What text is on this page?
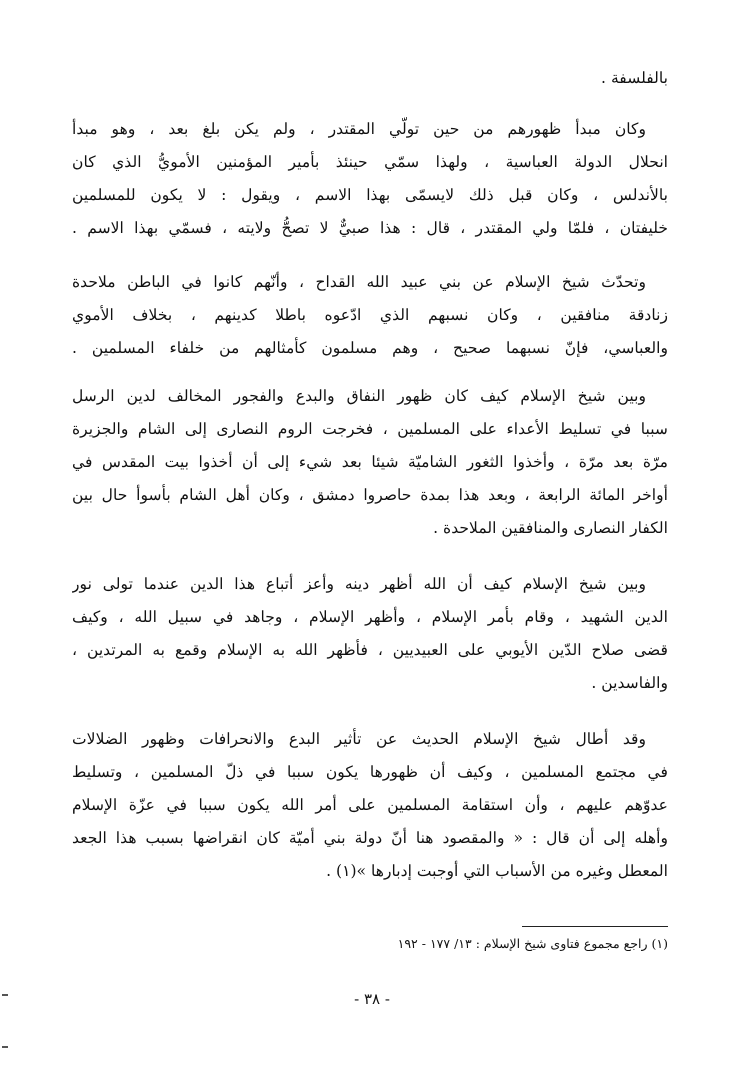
بالفلسفة .
وكان مبدأ ظهورهم من حين تولّي المقتدر ، ولم يكن بلغ بعد ، وهو مبدأ
انحلال الدولة العباسية ، ولهذا سمّي حينئذ بأمير المؤمنين الأمويُّ الذي كان
بالأندلس ، وكان قبل ذلك لايسمّى بهذا الاسم ، ويقول : لا يكون للمسلمين
خليفتان ، فلمّا ولي المقتدر ، قال : هذا صبيٌّ لا تصحُّ ولايته ، فسمّي بهذا الاسم .
وتحدّث شيخ الإسلام عن بني عبيد الله القداح ، وأنّهم كانوا في الباطن ملاحدة
زنادقة منافقين ، وكان نسبهم الذي ادّعوه باطلا كدينهم ، بخلاف الأموي
والعباسي، فإنّ نسبهما صحيح ، وهم مسلمون كأمثالهم من خلفاء المسلمين .
وبين شيخ الإسلام كيف كان ظهور النفاق والبدع والفجور المخالف لدين الرسل
سببا في تسليط الأعداء على المسلمين ، فخرجت الروم النصارى إلى الشام والجزيرة
مرّة بعد مرّة ، وأخذوا الثغور الشاميّة شيئا بعد شيء إلى أن أخذوا بيت المقدس في
أواخر المائة الرابعة ، وبعد هذا بمدة حاصروا دمشق ، وكان أهل الشام بأسوأ حال بين
الكفار النصارى والمنافقين الملاحدة .
وبين شيخ الإسلام كيف أن الله أظهر دينه وأعز أتباع هذا الدين عندما تولى نور
الدين الشهيد ، وقام بأمر الإسلام ، وأظهر الإسلام ، وجاهد في سبيل الله ، وكيف
قضى صلاح الدّين الأيوبي على العبيديين ، فأظهر الله به الإسلام وقمع به المرتدين ،
والفاسدين .
وقد أطال شيخ الإسلام الحديث عن تأثير البدع والانحرافات وظهور الضلالات
في مجتمع المسلمين ، وكيف أن ظهورها يكون سببا في ذلّ المسلمين ، وتسليط
عدوّهم عليهم ، وأن استقامة المسلمين على أمر الله يكون سببا في عزّة الإسلام
وأهله إلى أن قال : « والمقصود هنا أنّ دولة بني أميّة كان انقراضها بسبب هذا الجعد
المعطل وغيره من الأسباب التي أوجبت إدبارها »(١) .
(١) راجع مجموع فتاوى شيخ الإسلام : ١٣/ ١٧٧ - ١٩٢
- ٣٨ -
